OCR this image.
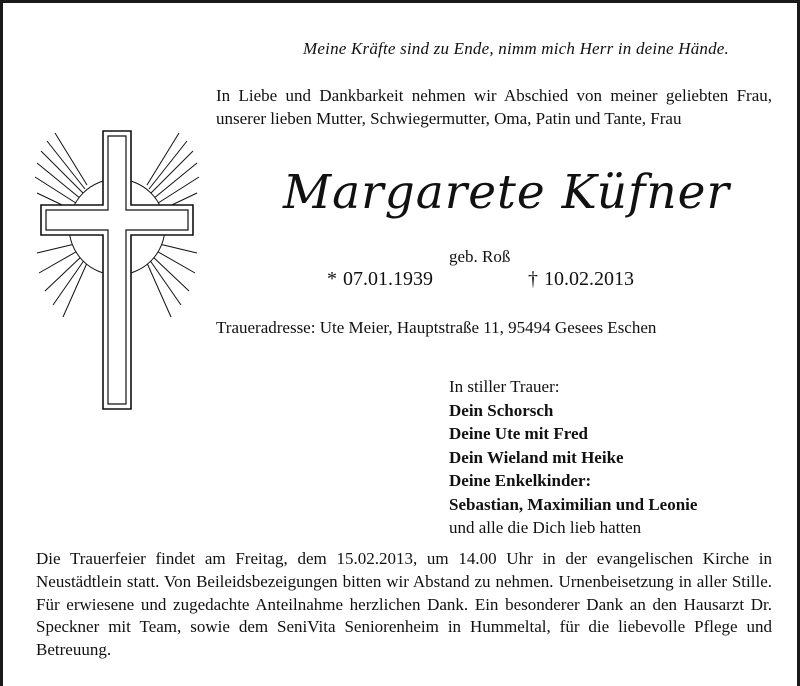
Meine Kräfte sind zu Ende, nimm mich Herr in deine Hände.
In Liebe und Dankbarkeit nehmen wir Abschied von meiner geliebten Frau, unserer lieben Mutter, Schwiegermutter, Oma, Patin und Tante, Frau
Margarete Küfner
geb. Roß
* 07.01.1939	† 10.02.2013
Traueradresse: Ute Meier, Hauptstraße 11, 95494 Gesees Eschen
In stiller Trauer:
Dein Schorsch
Deine Ute mit Fred
Dein Wieland mit Heike
Deine Enkelkinder:
Sebastian, Maximilian und Leonie
und alle die Dich lieb hatten
Die Trauerfeier findet am Freitag, dem 15.02.2013, um 14.00 Uhr in der evangelischen Kirche in Neustädtlein statt. Von Beileidsbezeigungen bitten wir Abstand zu nehmen. Urnenbeisetzung in aller Stille. Für erwiesene und zugedachte Anteilnahme herzlichen Dank. Ein besonderer Dank an den Hausarzt Dr. Speckner mit Team, sowie dem SeniVita Seniorenheim in Hummeltal, für die liebevolle Pflege und Betreuung.
